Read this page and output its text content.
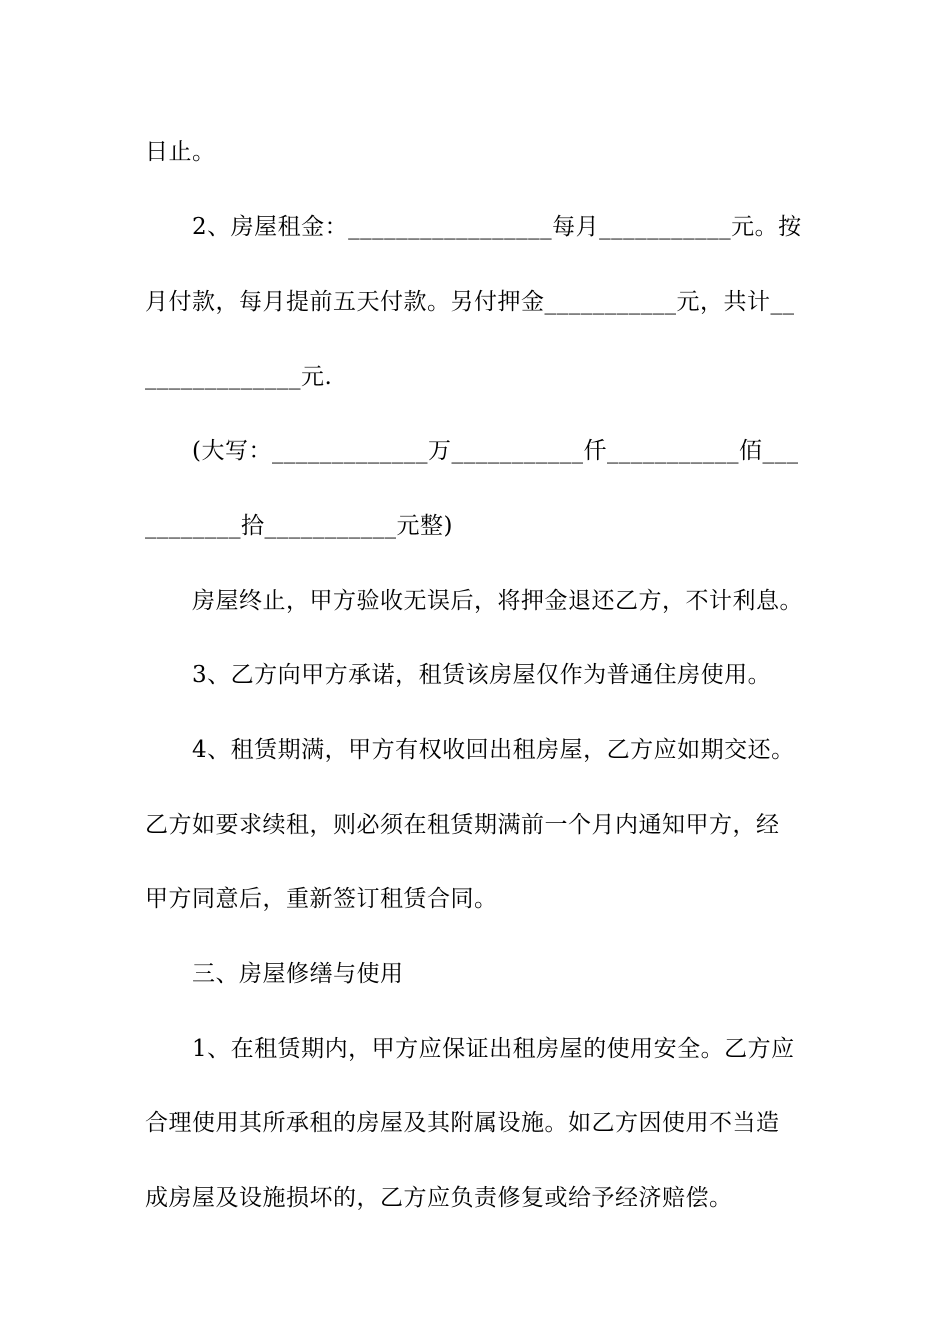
日止。
2、房屋租金：_________________每月___________元。按
月付款，每月提前五天付款。另付押金___________元，共计__
_____________元.
(大写：_____________万___________仟___________佰___
________拾___________元整)
房屋终止，甲方验收无误后，将押金退还乙方，不计利息。
3、乙方向甲方承诺，租赁该房屋仅作为普通住房使用。
4、租赁期满，甲方有权收回出租房屋，乙方应如期交还。
乙方如要求续租，则必须在租赁期满前一个月内通知甲方，经
甲方同意后，重新签订租赁合同。
三、房屋修缮与使用
1、在租赁期内，甲方应保证出租房屋的使用安全。乙方应
合理使用其所承租的房屋及其附属设施。如乙方因使用不当造
成房屋及设施损坏的，乙方应负责修复或给予经济赔偿。
